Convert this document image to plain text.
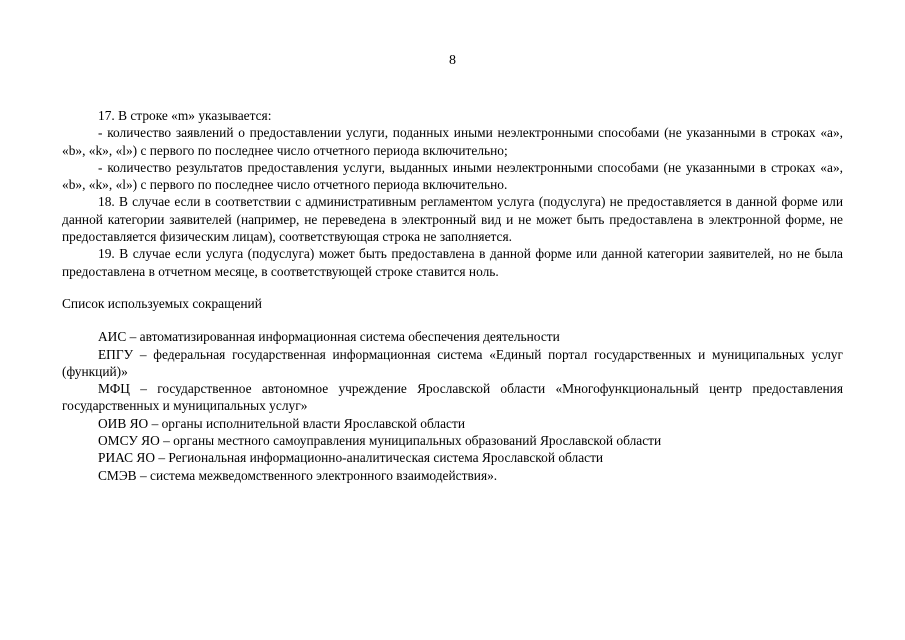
8

17. В строке «m» указывается:

- количество заявлений о предоставлении услуги, поданных иными неэлектронными способами (не указанными в строках «a», «b», «k», «l») с первого по последнее число отчетного периода включительно;

- количество результатов предоставления услуги, выданных иными неэлектронными способами (не указанными в строках «a», «b», «k», «l») с первого по последнее число отчетного периода включительно.

18. В случае если в соответствии с административным регламентом услуга (подуслуга) не предоставляется в данной форме или данной категории заявителей (например, не переведена в электронный вид и не может быть предоставлена в электронной форме, не предоставляется физическим лицам), соответствующая строка не заполняется.

19. В случае если услуга (подуслуга) может быть предоставлена в данной форме или данной категории заявителей, но не была предоставлена в отчетном месяце, в соответствующей строке ставится ноль.

Список используемых сокращений

АИС – автоматизированная информационная система обеспечения деятельности

ЕПГУ – федеральная государственная информационная система «Единый портал государственных и муниципальных услуг (функций)»

МФЦ – государственное автономное учреждение Ярославской области «Многофункциональный центр предоставления государственных и муниципальных услуг»

ОИВ ЯО – органы исполнительной власти Ярославской области

ОМСУ ЯО – органы местного самоуправления муниципальных образований Ярославской области

РИАС ЯО – Региональная информационно-аналитическая система Ярославской области

СМЭВ – система межведомственного электронного взаимодействия».
